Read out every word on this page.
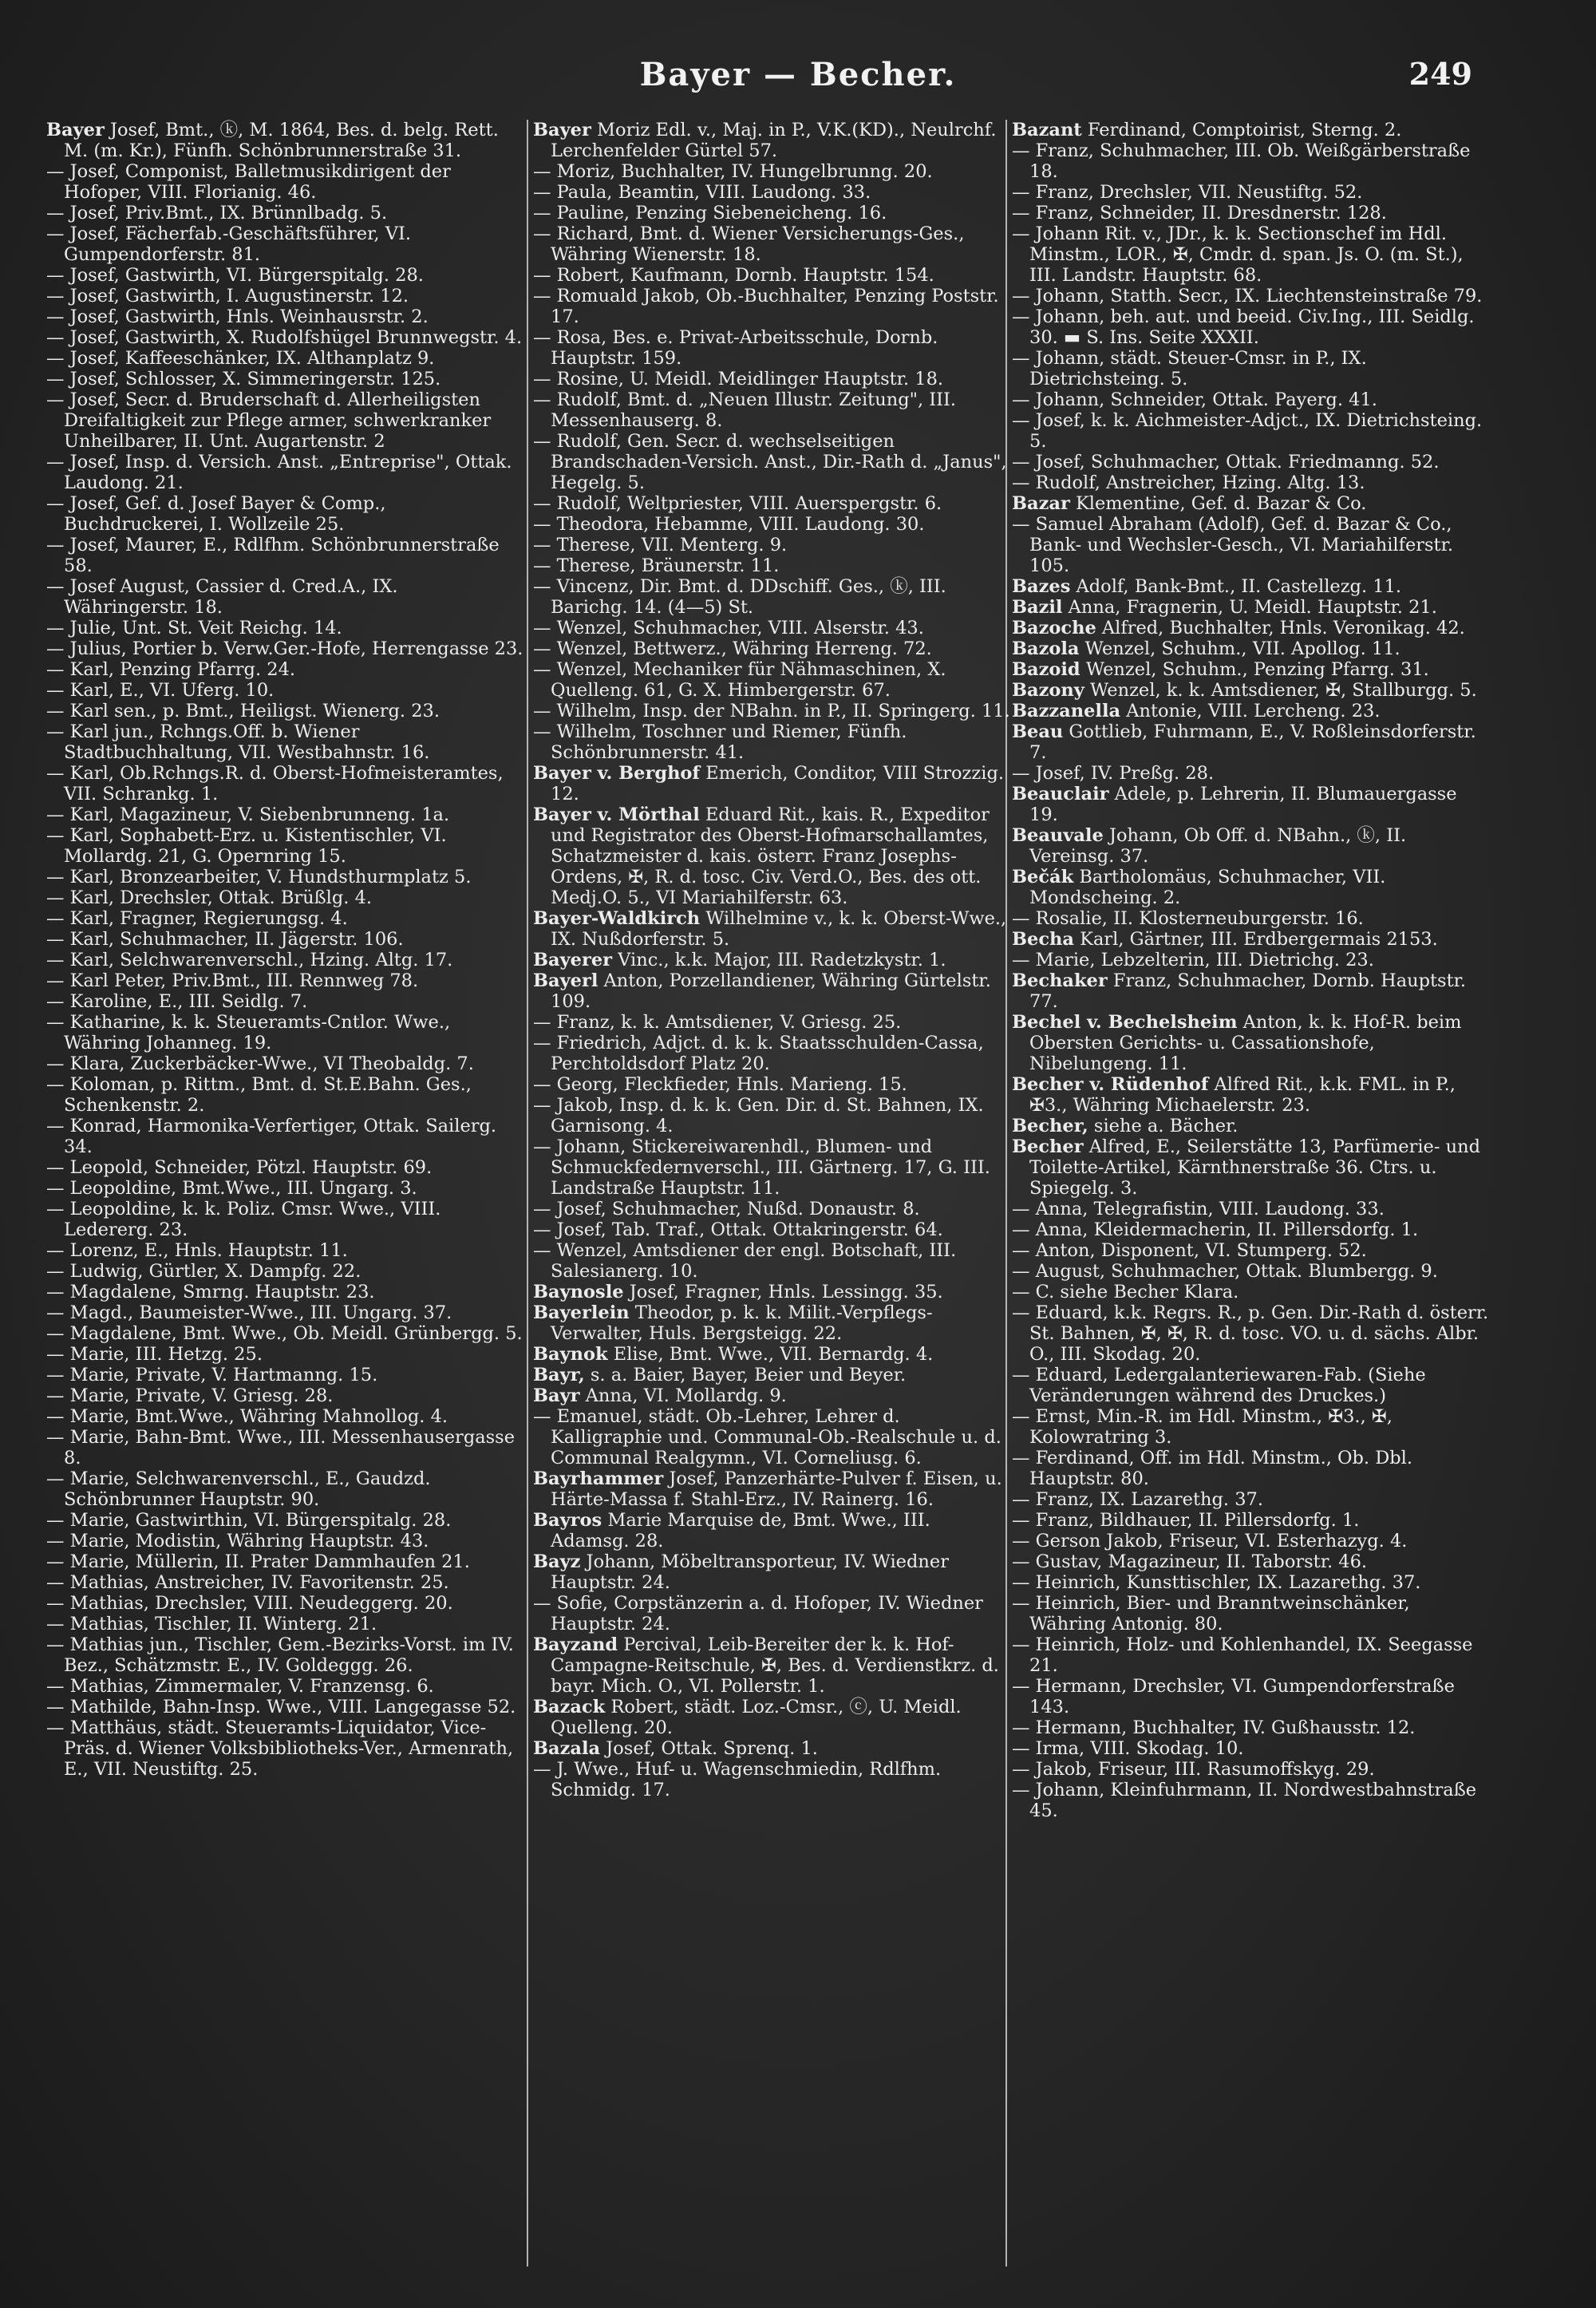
Bayer — Becher.	249

Bayer Josef, Bmt., ⓚ, M. 1864, Bes. d. belg. Rett. M. (m. Kr.), Fünfh. Schönbrunnerstraße 31.

— Josef, Componist, Balletmusikdirigent der Hofoper, VIII. Florianig. 46.

— Josef, Priv.Bmt., IX. Brünnlbadg. 5.

— Josef, Fächerfab.-Geschäftsführer, VI. Gumpendorferstr. 81.

— Josef, Gastwirth, VI. Bürgerspitalg. 28.

— Josef, Gastwirth, I. Augustinerstr. 12.

— Josef, Gastwirth, Hnls. Weinhausrstr. 2.

— Josef, Gastwirth, X. Rudolfshügel Brunnwegstr. 4.

— Josef, Kaffeeschänker, IX. Althanplatz 9.

— Josef, Schlosser, X. Simmeringerstr. 125.

— Josef, Secr. d. Bruderschaft d. Allerheiligsten Dreifaltigkeit zur Pflege armer, schwerkranker Unheilbarer, II. Unt. Augartenstr. 2

— Josef, Insp. d. Versich. Anst. „Entreprise", Ottak. Laudong. 21.

— Josef, Gef. d. Josef Bayer & Comp., Buchdruckerei, I. Wollzeile 25.

— Josef, Maurer, E., Rdlfhm. Schönbrunnerstraße 58.

— Josef August, Cassier d. Cred.A., IX. Währingerstr. 18.

— Julie, Unt. St. Veit Reichg. 14.

— Julius, Portier b. Verw.Ger.-Hofe, Herrengasse 23.

— Karl, Penzing Pfarrg. 24.

— Karl, E., VI. Uferg. 10.

— Karl sen., p. Bmt., Heiligst. Wienerg. 23.

— Karl jun., Rchngs.Off. b. Wiener Stadtbuchhaltung, VII. Westbahnstr. 16.

— Karl, Ob.Rchngs.R. d. Oberst-Hofmeisteramtes, VII. Schrankg. 1.

— Karl, Magazineur, V. Siebenbrunneng. 1a.

— Karl, Sophabett-Erz. u. Kistentischler, VI. Mollardg. 21, G. Opernring 15.

— Karl, Bronzearbeiter, V. Hundsthurmplatz 5.

— Karl, Drechsler, Ottak. Brüßlg. 4.

— Karl, Fragner, Regierungsg. 4.

— Karl, Schuhmacher, II. Jägerstr. 106.

— Karl, Selchwarenverschl., Hzing. Altg. 17.

— Karl Peter, Priv.Bmt., III. Rennweg 78.

— Karoline, E., III. Seidlg. 7.

— Katharine, k. k. Steueramts-Cntlor. Wwe., Währing Johanneg. 19.

— Klara, Zuckerbäcker-Wwe., VI Theobaldg. 7.

— Koloman, p. Rittm., Bmt. d. St.E.Bahn. Ges., Schenkenstr. 2.

— Konrad, Harmonika-Verfertiger, Ottak. Sailerg. 34.

— Leopold, Schneider, Pötzl. Hauptstr. 69.

— Leopoldine, Bmt.Wwe., III. Ungarg. 3.

— Leopoldine, k. k. Poliz. Cmsr. Wwe., VIII. Ledererg. 23.

— Lorenz, E., Hnls. Hauptstr. 11.

— Ludwig, Gürtler, X. Dampfg. 22.

— Magdalene, Smrng. Hauptstr. 23.

— Magd., Baumeister-Wwe., III. Ungarg. 37.

— Magdalene, Bmt. Wwe., Ob. Meidl. Grünbergg. 5.

— Marie, III. Hetzg. 25.

— Marie, Private, V. Hartmanng. 15.

— Marie, Private, V. Griesg. 28.

— Marie, Bmt.Wwe., Währing Mahnollog. 4.

— Marie, Bahn-Bmt. Wwe., III. Messenhausergasse 8.

— Marie, Selchwarenverschl., E., Gaudzd. Schönbrunner Hauptstr. 90.

— Marie, Gastwirthin, VI. Bürgerspitalg. 28.

— Marie, Modistin, Währing Hauptstr. 43.

— Marie, Müllerin, II. Prater Dammhaufen 21.

— Mathias, Anstreicher, IV. Favoritenstr. 25.

— Mathias, Drechsler, VIII. Neudeggerg. 20.

— Mathias, Tischler, II. Winterg. 21.

— Mathias jun., Tischler, Gem.-Bezirks-Vorst. im IV. Bez., Schätzmstr. E., IV. Goldeggg. 26.

— Mathias, Zimmermaler, V. Franzensg. 6.

— Mathilde, Bahn-Insp. Wwe., VIII. Langegasse 52.

— Matthäus, städt. Steueramts-Liquidator, Vice-Präs. d. Wiener Volksbibliotheks-Ver., Armenrath, E., VII. Neustiftg. 25.

Bayer Moriz Edl. v., Maj. in P., V.K.(KD)., Neulrchf. Lerchenfelder Gürtel 57.

— Moriz, Buchhalter, IV. Hungelbrunng. 20.

— Paula, Beamtin, VIII. Laudong. 33.

— Pauline, Penzing Siebeneicheng. 16.

— Richard, Bmt. d. Wiener Versicherungs-Ges., Währing Wienerstr. 18.

— Robert, Kaufmann, Dornb. Hauptstr. 154.

— Romuald Jakob, Ob.-Buchhalter, Penzing Poststr. 17.

— Rosa, Bes. e. Privat-Arbeitsschule, Dornb. Hauptstr. 159.

— Rosine, U. Meidl. Meidlinger Hauptstr. 18.

— Rudolf, Bmt. d. „Neuen Illustr. Zeitung", III. Messenhauserg. 8.

— Rudolf, Gen. Secr. d. wechselseitigen Brandschaden-Versich. Anst., Dir.-Rath d. „Janus", Hegelg. 5.

— Rudolf, Weltpriester, VIII. Auerspergstr. 6.

— Theodora, Hebamme, VIII. Laudong. 30.

— Therese, VII. Menterg. 9.

— Therese, Bräunerstr. 11.

— Vincenz, Dir. Bmt. d. DDschiff. Ges., ⓚ, III. Barichg. 14. (4—5) St.

— Wenzel, Schuhmacher, VIII. Alserstr. 43.

— Wenzel, Bettwerz., Währing Herreng. 72.

— Wenzel, Mechaniker für Nähmaschinen, X. Quelleng. 61, G. X. Himbergerstr. 67.

— Wilhelm, Insp. der NBahn. in P., II. Springerg. 11.

— Wilhelm, Toschner und Riemer, Fünfh. Schönbrunnerstr. 41.

Bayer v. Berghof Emerich, Conditor, VIII Strozzig. 12.

Bayer v. Mörthal Eduard Rit., kais. R., Expeditor und Registrator des Oberst-Hofmarschallamtes, Schatzmeister d. kais. österr. Franz Josephs-Ordens, ✠, R. d. tosc. Civ. Verd.O., Bes. des ott. Medj.O. 5., VI Mariahilferstr. 63.

Bayer-Waldkirch Wilhelmine v., k. k. Oberst-Wwe., IX. Nußdorferstr. 5.

Bayerer Vinc., k.k. Major, III. Radetzkystr. 1.

Bayerl Anton, Porzellandiener, Währing Gürtelstr. 109.

— Franz, k. k. Amtsdiener, V. Griesg. 25.

— Friedrich, Adjct. d. k. k. Staatsschulden-Cassa, Perchtoldsdorf Platz 20.

— Georg, Fleckfieder, Hnls. Marieng. 15.

— Jakob, Insp. d. k. k. Gen. Dir. d. St. Bahnen, IX. Garnisong. 4.

— Johann, Stickereiwarenhdl., Blumen- und Schmuckfedernverschl., III. Gärtnerg. 17, G. III. Landstraße Hauptstr. 11.

— Josef, Schuhmacher, Nußd. Donaustr. 8.

— Josef, Tab. Traf., Ottak. Ottakringerstr. 64.

— Wenzel, Amtsdiener der engl. Botschaft, III. Salesianerg. 10.

Baynosle Josef, Fragner, Hnls. Lessingg. 35.

Bayerlein Theodor, p. k. k. Milit.-Verpflegs-Verwalter, Huls. Bergsteigg. 22.

Baynok Elise, Bmt. Wwe., VII. Bernardg. 4.

Bayr, s. a. Baier, Bayer, Beier und Beyer.

Bayr Anna, VI. Mollardg. 9.

— Emanuel, städt. Ob.-Lehrer, Lehrer d. Kalligraphie und. Communal-Ob.-Realschule u. d. Communal Realgymn., VI. Corneliusg. 6.

Bayrhammer Josef, Panzerhärte-Pulver f. Eisen, u. Härte-Massa f. Stahl-Erz., IV. Rainerg. 16.

Bayros Marie Marquise de, Bmt. Wwe., III. Adamsg. 28.

Bayz Johann, Möbeltransporteur, IV. Wiedner Hauptstr. 24.

— Sofie, Corpstänzerin a. d. Hofoper, IV. Wiedner Hauptstr. 24.

Bayzand Percival, Leib-Bereiter der k. k. Hof-Campagne-Reitschule, ✠, Bes. d. Verdienstkrz. d. bayr. Mich. O., VI. Pollerstr. 1.

Bazack Robert, städt. Loz.-Cmsr., ⓒ, U. Meidl. Quelleng. 20.

Bazala Josef, Ottak. Sprenq. 1.

— J. Wwe., Huf- u. Wagenschmiedin, Rdlfhm. Schmidg. 17.

Bazant Ferdinand, Comptoirist, Sterng. 2.

— Franz, Schuhmacher, III. Ob. Weißgärberstraße 18.

— Franz, Drechsler, VII. Neustiftg. 52.

— Franz, Schneider, II. Dresdnerstr. 128.

— Johann Rit. v., JDr., k. k. Sectionschef im Hdl. Minstm., LOR., ✠, Cmdr. d. span. Js. O. (m. St.), III. Landstr. Hauptstr. 68.

— Johann, Statth. Secr., IX. Liechtensteinstraße 79.

— Johann, beh. aut. und beeid. Civ.Ing., III. Seidlg. 30. ▬ S. Ins. Seite XXXII.

— Johann, städt. Steuer-Cmsr. in P., IX. Dietrichsteing. 5.

— Johann, Schneider, Ottak. Payerg. 41.

— Josef, k. k. Aichmeister-Adjct., IX. Dietrichsteing. 5.

— Josef, Schuhmacher, Ottak. Friedmanng. 52.

— Rudolf, Anstreicher, Hzing. Altg. 13.

Bazar Klementine, Gef. d. Bazar & Co.

— Samuel Abraham (Adolf), Gef. d. Bazar & Co., Bank- und Wechsler-Gesch., VI. Mariahilferstr. 105.

Bazes Adolf, Bank-Bmt., II. Castellezg. 11.

Bazil Anna, Fragnerin, U. Meidl. Hauptstr. 21.

Bazoche Alfred, Buchhalter, Hnls. Veronikag. 42.

Bazola Wenzel, Schuhm., VII. Apollog. 11.

Bazoid Wenzel, Schuhm., Penzing Pfarrg. 31.

Bazony Wenzel, k. k. Amtsdiener, ✠, Stallburgg. 5.

Bazzanella Antonie, VIII. Lercheng. 23.

Beau Gottlieb, Fuhrmann, E., V. Roßleinsdorferstr. 7.

— Josef, IV. Preßg. 28.

Beauclair Adele, p. Lehrerin, II. Blumauergasse 19.

Beauvale Johann, Ob Off. d. NBahn., ⓚ, II. Vereinsg. 37.

Bečák Bartholomäus, Schuhmacher, VII. Mondscheing. 2.

— Rosalie, II. Klosterneuburgerstr. 16.

Becha Karl, Gärtner, III. Erdbergermais 2153.

— Marie, Lebzelterin, III. Dietrichg. 23.

Bechaker Franz, Schuhmacher, Dornb. Hauptstr. 77.

Bechel v. Bechelsheim Anton, k. k. Hof-R. beim Obersten Gerichts- u. Cassationshofe, Nibelungeng. 11.

Becher v. Rüdenhof Alfred Rit., k.k. FML. in P., ✠3., Währing Michaelerstr. 23.

Becher, siehe a. Bächer.

Becher Alfred, E., Seilerstätte 13, Parfümerie- und Toilette-Artikel, Kärnthnerstraße 36. Ctrs. u. Spiegelg. 3.

— Anna, Telegrafistin, VIII. Laudong. 33.

— Anna, Kleidermacherin, II. Pillersdorfg. 1.

— Anton, Disponent, VI. Stumperg. 52.

— August, Schuhmacher, Ottak. Blumbergg. 9.

— C. siehe Becher Klara.

— Eduard, k.k. Regrs. R., p. Gen. Dir.-Rath d. österr. St. Bahnen, ✠, ✠, R. d. tosc. VO. u. d. sächs. Albr. O., III. Skodag. 20.

— Eduard, Ledergalanteriewaren-Fab. (Siehe Veränderungen während des Druckes.)

— Ernst, Min.-R. im Hdl. Minstm., ✠3., ✠, Kolowratring 3.

— Ferdinand, Off. im Hdl. Minstm., Ob. Dbl. Hauptstr. 80.

— Franz, IX. Lazarethg. 37.

— Franz, Bildhauer, II. Pillersdorfg. 1.

— Gerson Jakob, Friseur, VI. Esterhazyg. 4.

— Gustav, Magazineur, II. Taborstr. 46.

— Heinrich, Kunsttischler, IX. Lazarethg. 37.

— Heinrich, Bier- und Branntweinschänker, Währing Antonig. 80.

— Heinrich, Holz- und Kohlenhandel, IX. Seegasse 21.

— Hermann, Drechsler, VI. Gumpendorferstraße 143.

— Hermann, Buchhalter, IV. Gußhausstr. 12.

— Irma, VIII. Skodag. 10.

— Jakob, Friseur, III. Rasumoffskyg. 29.

— Johann, Kleinfuhrmann, II. Nordwestbahnstraße 45.
